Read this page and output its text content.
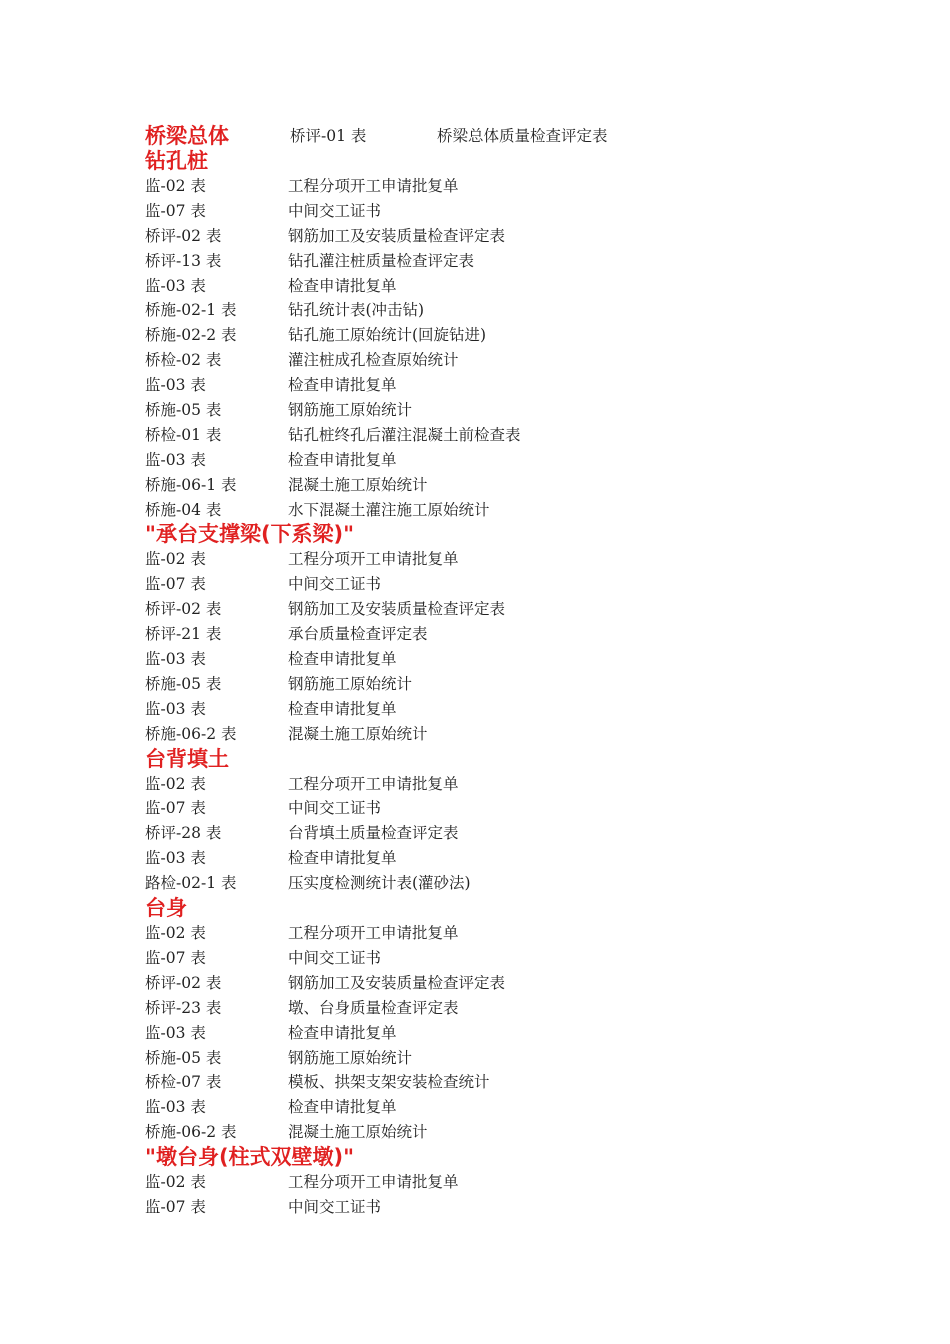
桥梁总体	桥评-01 表	桥梁总体质量检查评定表
钻孔桩
监-02 表	工程分项开工申请批复单
监-07 表	中间交工证书
桥评-02 表	钢筋加工及安装质量检查评定表
桥评-13 表	钻孔灌注桩质量检查评定表
监-03 表	检查申请批复单
桥施-02-1 表	钻孔统计表(冲击钻)
桥施-02-2 表	钻孔施工原始统计(回旋钻进)
桥检-02 表	灌注桩成孔检查原始统计
监-03 表	检查申请批复单
桥施-05 表	钢筋施工原始统计
桥检-01 表	钻孔桩终孔后灌注混凝土前检查表
监-03 表	检查申请批复单
桥施-06-1 表	混凝土施工原始统计
桥施-04 表	水下混凝土灌注施工原始统计
"承台支撑梁(下系梁)"
监-02 表	工程分项开工申请批复单
监-07 表	中间交工证书
桥评-02 表	钢筋加工及安装质量检查评定表
桥评-21 表	承台质量检查评定表
监-03 表	检查申请批复单
桥施-05 表	钢筋施工原始统计
监-03 表	检查申请批复单
桥施-06-2 表	混凝土施工原始统计
台背填土
监-02 表	工程分项开工申请批复单
监-07 表	中间交工证书
桥评-28 表	台背填土质量检查评定表
监-03 表	检查申请批复单
路检-02-1 表	压实度检测统计表(灌砂法)
台身
监-02 表	工程分项开工申请批复单
监-07 表	中间交工证书
桥评-02 表	钢筋加工及安装质量检查评定表
桥评-23 表	墩、台身质量检查评定表
监-03 表	检查申请批复单
桥施-05 表	钢筋施工原始统计
桥检-07 表	模板、拱架支架安装检查统计
监-03 表	检查申请批复单
桥施-06-2 表	混凝土施工原始统计
"墩台身(柱式双壁墩)"
监-02 表	工程分项开工申请批复单
监-07 表	中间交工证书
